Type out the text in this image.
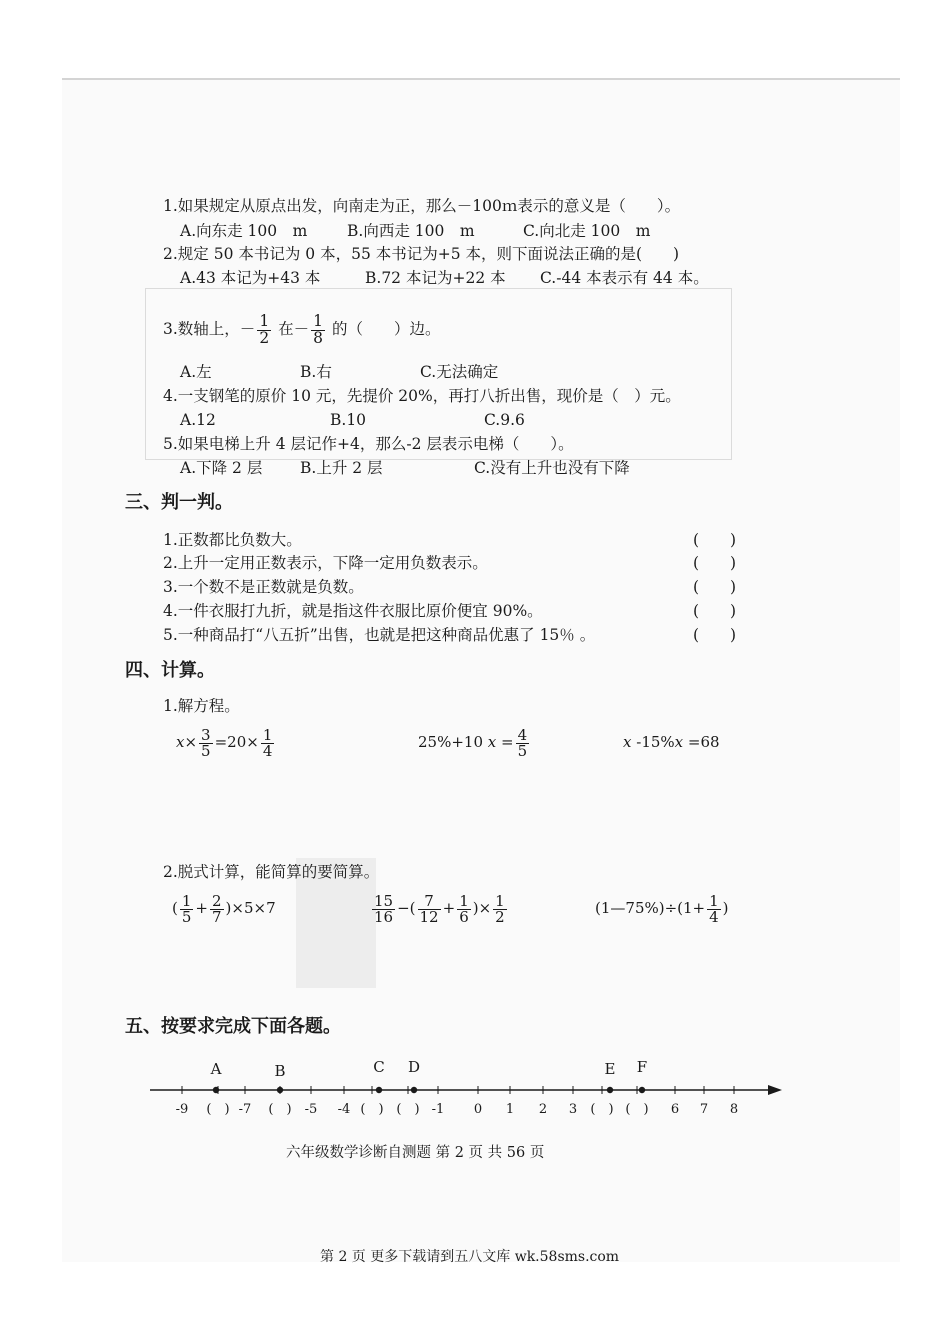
1.如果规定从原点出发，向南走为正，那么－100ｍ表示的意义是（　　）。
A.向东走 100　m	B.向西走 100　m	C.向北走 100　m
2.规定 50 本书记为 0 本，55 本书记为+5 本，则下面说法正确的是(　　)
A.43 本记为+43 本	B.72 本记为+22 本 C.-44 本表示有 44 本。
3.数轴上，－ $\frac{1}{2}$ 在－ $\frac{1}{8}$ 的（　　）边。
A.左	B.右	C.无法确定
4.一支钢笔的原价 10 元，先提价 20%，再打八折出售，现价是（　）元。
A.12	B.10	C.9.6
5.如果电梯上升 4 层记作+4，那么-2 层表示电梯（　　）。
A.下降 2 层 B.上升 2 层	C.没有上升也没有下降
三、判一判。
1.正数都比负数大。	(　　)
2.上升一定用正数表示，下降一定用负数表示。	(　　)
3.一个数不是正数就是负数。	(　　)
4.一件衣服打九折，就是指这件衣服比原价便宜 90%。	(　　)
5.一种商品打“八五折”出售，也就是把这种商品优惠了 15％ 。	(　　)
四、计算。
1.解方程。
$x\times \frac{3}{5} =20\times \frac{1}{4}$	25%+10 $x = \frac{4}{5}$	x -15%x =68
2.脱式计算，能简算的要简算。
( $\frac{1}{5} + \frac{2}{7} )\times 5\times 7$	$\frac{15}{16}$ −( $\frac{7}{12} + \frac{1}{6}$ )× $\frac{1}{2}$	(1—75%)÷(1+ $\frac{1}{4}$ )
五、按要求完成下面各题。
-9 (　) -7 (　) -5 -4 (　) (　) -1 0 1 2 3 (　) (　) 6 7 8
A	B	C D	E F
六年级数学诊断自测题 第 2 页 共 56 页
第 2 页 更多下载请到五八文库 wk.58sms.com
